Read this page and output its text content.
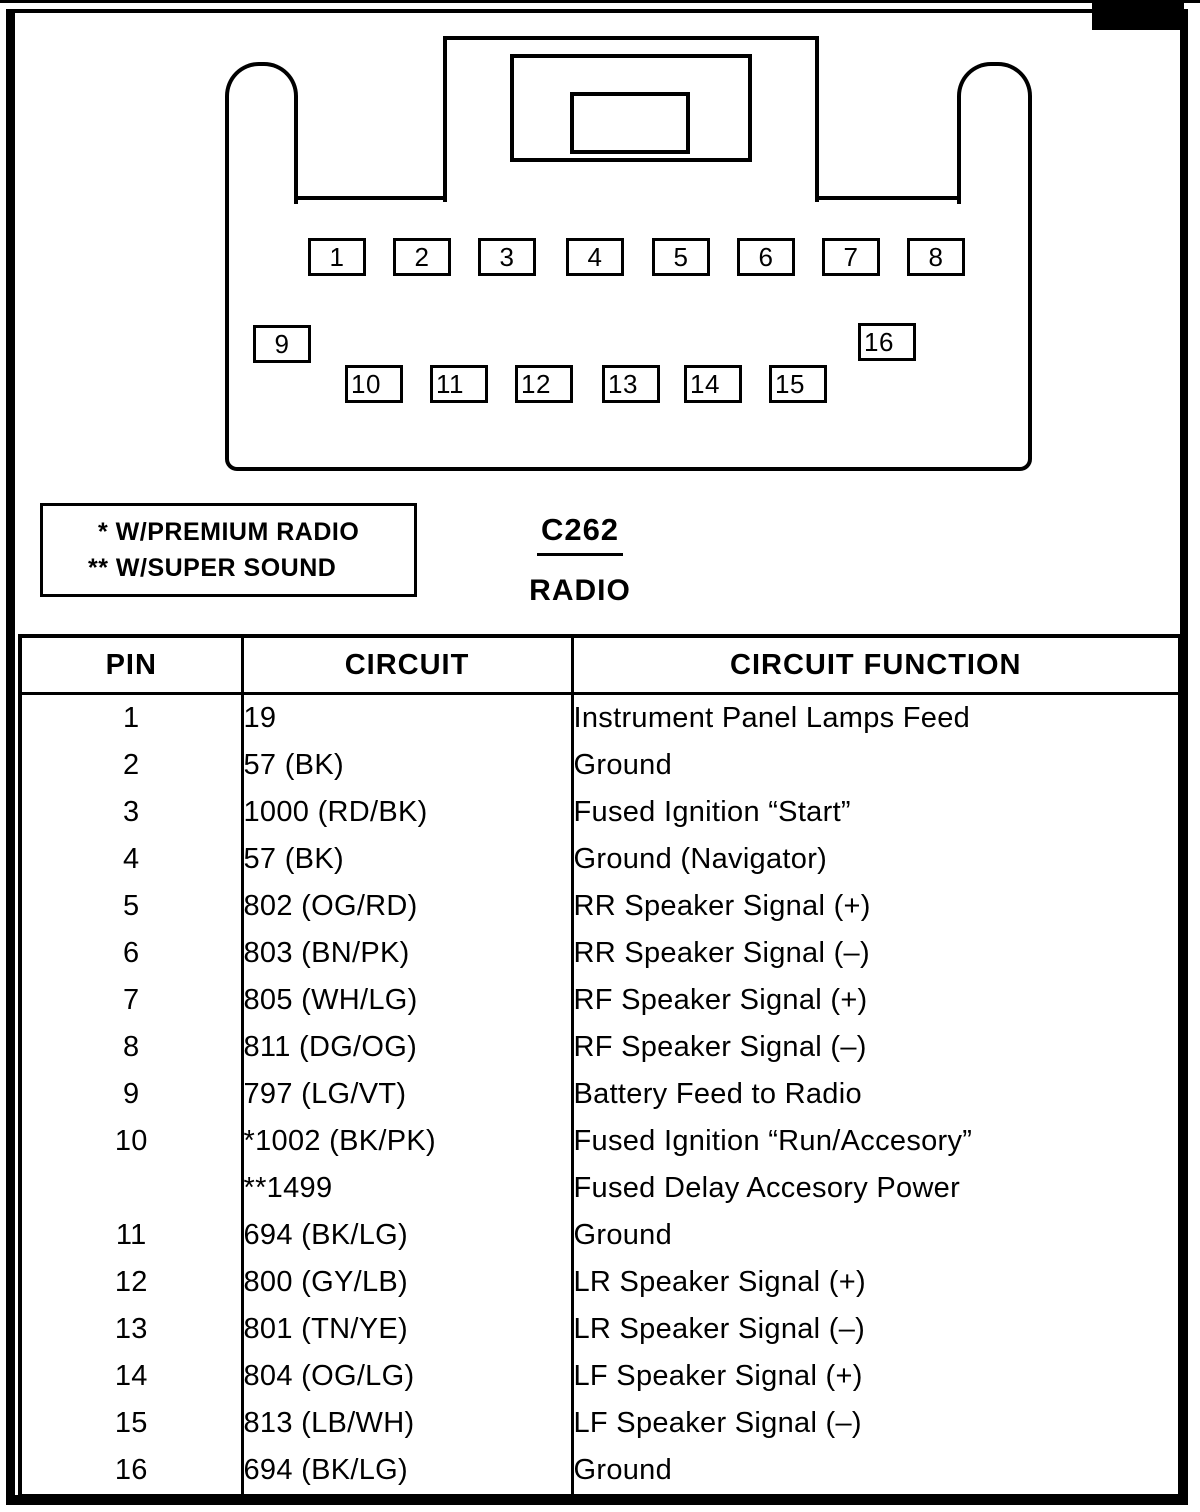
1	2	3	4	5	6	7	8
9
10	11	12	13	14	15
16
* W/PREMIUM RADIO
** W/SUPER SOUND
C262
RADIO
PIN	CIRCUIT	CIRCUIT FUNCTION
1	19	Instrument Panel Lamps Feed
2	57 (BK)	Ground
3	1000 (RD/BK)	Fused Ignition “Start”
4	57 (BK)	Ground (Navigator)
5	802 (OG/RD)	RR Speaker Signal (+)
6	803 (BN/PK)	RR Speaker Signal (–)
7	805 (WH/LG)	RF Speaker Signal (+)
8	811 (DG/OG)	RF Speaker Signal (–)
9	797 (LG/VT)	Battery Feed to Radio
10	*1002 (BK/PK)	Fused Ignition “Run/Accesory”
	**1499	Fused Delay Accesory Power
11	694 (BK/LG)	Ground
12	800 (GY/LB)	LR Speaker Signal (+)
13	801 (TN/YE)	LR Speaker Signal (–)
14	804 (OG/LG)	LF Speaker Signal (+)
15	813 (LB/WH)	LF Speaker Signal (–)
16	694 (BK/LG)	Ground
